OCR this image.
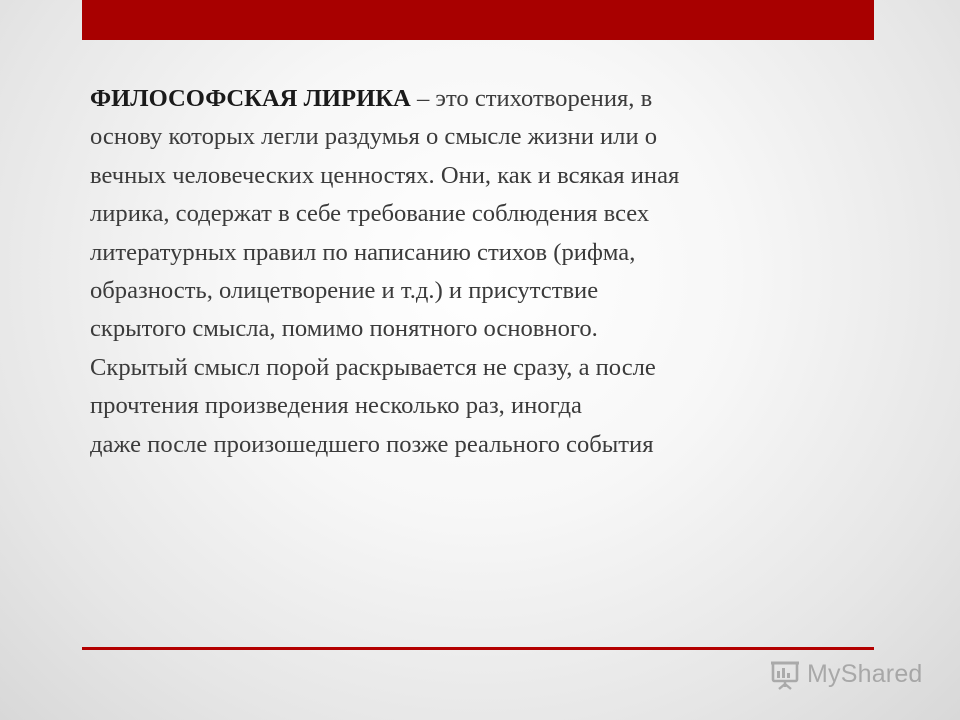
ФИЛОСОФСКАЯ ЛИРИКА – это стихотворения, в
основу которых легли раздумья о смысле жизни или о
вечных человеческих ценностях. Они, как и всякая иная
лирика, содержат в себе требование соблюдения всех
литературных правил по написанию стихов (рифма,
образность, олицетворение и т.д.) и присутствие
скрытого смысла, помимо понятного основного.
Скрытый смысл порой раскрывается не сразу, а после
прочтения произведения несколько раз, иногда
даже после произошедшего позже реального события

MyShared
